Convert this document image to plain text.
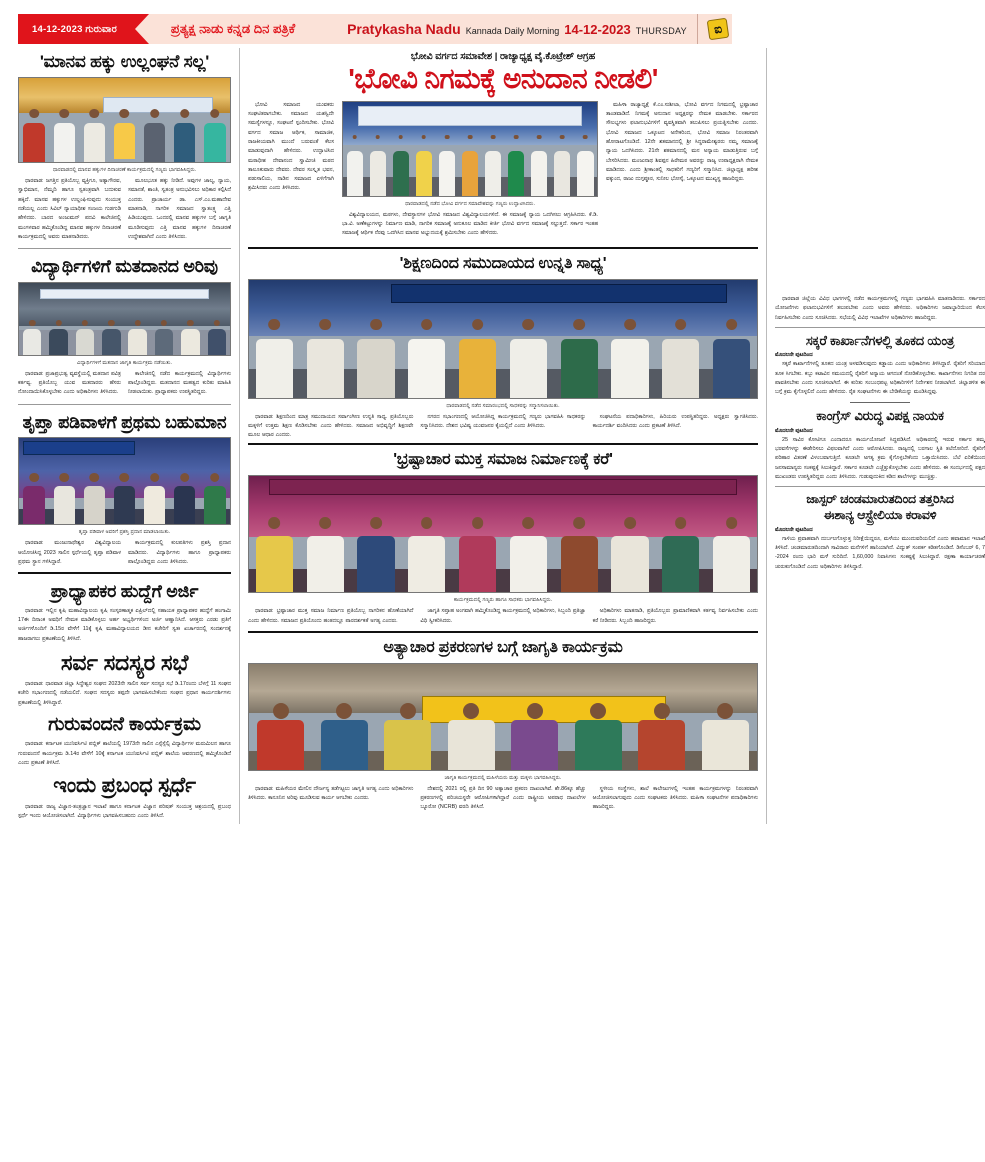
14-12-2023 ಗುರುವಾರ	ಪ್ರತ್ಯಕ್ಷ ನಾಡು ಕನ್ನಡ ದಿನ ಪತ್ರಿಕೆ	Pratykasha Nadu Kannada Daily Morning 14-12-2023 THURSDAY	ಐ
'ಮಾನವ ಹಕ್ಕು ಉಲ್ಲಂಘನೆ ಸಲ್ಲ'
ಧಾರವಾಡದಲ್ಲಿ ಮಾನವ ಹಕ್ಕುಗಳ ದಿನಾಚರಣೆ ಕಾರ್ಯಕ್ರಮದಲ್ಲಿ ಗಣ್ಯರು ಭಾಗವಹಿಸಿದ್ದರು.

ಧಾರವಾಡ: ಜಗತ್ತಿನ ಪ್ರತಿಯೊಬ್ಬ ವ್ಯಕ್ತಿಗೂ, ಅತ್ಯಾಗೌರವ, ಸ್ವಾಭಿಮಾನ, ನೆಮ್ಮದಿ ಹಾಗೂ ಸ್ವತಂತ್ರವಾಗಿ ಬದುಕುವ ಹಕ್ಕಿದೆ. ಮಾನವ ಹಕ್ಕುಗಳ ಉಲ್ಲಂಘಿಸುವುದು ಸಂಯುಕ್ತ ನಡೆಯಲ್ಲ ಎಂದು ಸಿವಿಲ್ ನ್ಯಾಯಾಧೀಶ ಸಂಜಯ ಗುಡಗುಡಿ ಹೇಳಿದರು. ಬಾರದ ಅಂಜುಮನ್ ಪದವಿ ಕಾಲೇಜಿನಲ್ಲಿ ಮಂಗಳವಾರ ಹಮ್ಮಿಕೊಂಡಿದ್ದ ಮಾನವ ಹಕ್ಕುಗಳ ದಿನಾಚರಣೆ ಕಾರ್ಯಕ್ರಮದಲ್ಲಿ ಅವರು ಮಾತನಾಡಿದರು.

ಮೂಲಭೂತ ಹಕ್ಕು ನೀಡಿದೆ. ಅವುಗಳ ಜಾಲ್ಯ, ನ್ಯಾಯ, ಸಮಾನತೆ, ಶಾಂತಿ, ಸ್ವತಂತ್ರ ಅನುಭವಿಸಲು ಅಧಿಕಾರ ಕಲ್ಪಿಸಿದೆ ಎಂದರು. ಪ್ರಾಚಾರ್ಯ ಡಾ. ಎಸ್.ಎಂ.ಮಹಾದೇವ ಮಾತನಾಡಿ, ನಾಗರಿಕ ಸಮಾಜದ ಸ್ವಾತಂತ್ರ್ಯ ಎತ್ತಿ ಹಿಡಿಯುವುದು. ಒಂದರಲ್ಲಿ ಮಾನವ ಹಕ್ಕುಗಳ ಬಗ್ಗೆ ಜಾಗೃತಿ ಮೂಡಿಸುವುದು ಎತ್ತಿ ಮಾನವ ಹಕ್ಕುಗಳ ದಿನಾಚರಣೆ ಉದ್ದೇಶವಾಗಿದೆ ಎಂದು ತಿಳಿಸಿದರು.

ವಿದ್ಯಾರ್ಥಿಗಳಿಗೆ ಮತದಾನದ ಅರಿವು
ವಿದ್ಯಾರ್ಥಿಗಳಿಗೆ ಮತದಾನ ಜಾಗೃತಿ ಕಾರ್ಯಕ್ರಮ ನಡೆಯಿತು.

ಧಾರವಾಡ: ಪ್ರಜಾಪ್ರಭುತ್ವ ವ್ಯವಸ್ಥೆಯಲ್ಲಿ ಮತದಾನ ಪವಿತ್ರ ಕರ್ತವ್ಯ. ಪ್ರತಿಯೊಬ್ಬ ಯುವ ಮತದಾರರು ಹೆಸರು ನೋಂದಾಯಿಸಿಕೊಳ್ಳಬೇಕು ಎಂದು ಅಧಿಕಾರಿಗಳು ತಿಳಿಸಿದರು.

ಕಾಲೇಜಿನಲ್ಲಿ ನಡೆದ ಕಾರ್ಯಕ್ರಮದಲ್ಲಿ ವಿದ್ಯಾರ್ಥಿಗಳು ಪಾಲ್ಗೊಂಡಿದ್ದರು. ಮತದಾನದ ಮಹತ್ವದ ಕುರಿತು ಮಾಹಿತಿ ನೀಡಲಾಯಿತು. ಪ್ರಾಧ್ಯಾಪಕರು ಉಪಸ್ಥಿತರಿದ್ದರು.

ತೃಪ್ತಾ ಪಡಿವಾಳಗೆ ಪ್ರಥಮ ಬಹುಮಾನ
ತೃಪ್ತಾ ಪಡಿವಾಳ ಅವರಿಗೆ ಪ್ರಶಸ್ತಿ ಪ್ರದಾನ ಮಾಡಲಾಯಿತು.

ಧಾರವಾಡ: ಮಂಜುನಾಥೇಶ್ವರ ವಿಶ್ವವಿದ್ಯಾಲಯ ಆಯೋಜಿಸಿದ್ದ 2023 ಸಾಲಿನ ಸ್ಪರ್ಧೆಯಲ್ಲಿ ತೃಪ್ತಾ ಪಡಿವಾಳ ಪ್ರಥಮ ಸ್ಥಾನ ಗಳಿಸಿದ್ದಾರೆ.

ಕಾರ್ಯಕ್ರಮದಲ್ಲಿ ಕುಲಪತಿಗಳು ಪ್ರಶಸ್ತಿ ಪ್ರದಾನ ಮಾಡಿದರು. ವಿದ್ಯಾರ್ಥಿಗಳು ಹಾಗೂ ಪ್ರಾಧ್ಯಾಪಕರು ಪಾಲ್ಗೊಂಡಿದ್ದರು ಎಂದು ತಿಳಿಸಿದರು.

ಪ್ರಾಧ್ಯಾಪಕರ ಹುದ್ದೆಗೆ ಅರ್ಜಿ

ಧಾರವಾಡ: ಇಲ್ಲಿನ ಕೃಷಿ ಮಹಾವಿದ್ಯಾಲಯ ಕೃಷಿ ಸಂಸ್ಕರಣಾತ್ಮಕ ಏಪ್ರಿಲ್‌ದಲ್ಲಿ ಸಹಾಯಕ ಪ್ರಾಧ್ಯಾಪಕರ ಹುದ್ದೆಗೆ ಹಂಗಾಮಿ 17ಈ ದಿನಾಂಕ ಅವಧಿಗೆ ನೇಮಕ ಮಾಡಿಕೊಳ್ಳಲು ಅರ್ಹ ಅಭ್ಯರ್ಥಿಗಳಿಂದ ಅರ್ಜಿ ಆಹ್ವಾನಿಸಿದೆ. ಆಸಕ್ತರು ಎರಡು ಪ್ರತಿಗೆ ಅರ್ಜಿಗಳೊಂದಿಗೆ ಡಿ.15ರ ವೇಳೆಗೆ 11ಕ್ಕೆ ಕೃಷಿ ಮಹಾವಿದ್ಯಾಲಯದ ಡೀನ ಕಚೇರಿಗೆ ಸ್ವತಃ ಖರ್ಚಾರದಲ್ಲಿ ಸಂದರ್ಶನಕ್ಕೆ ಹಾಜರಾಗಲು ಪ್ರಕಟಣೆಯಲ್ಲಿ ತಿಳಿಸಿದೆ.

ಸರ್ವ ಸದಸ್ಯರ ಸಭೆ

ಧಾರವಾಡ: ಧಾರವಾಡ ಜಿಲ್ಲಾ ಸಿದ್ಧೇಶ್ವರ ಸಂಘದ 2023ನೇ ಸಾಲಿನ ಸರ್ವ ಸದಸ್ಯರ ಸಭೆ ಡಿ.17ರಂದು ಬೆಳಗ್ಗೆ 11 ಸಂಘದ ಕಚೇರಿ ಸಭಾಂಗಣದಲ್ಲಿ ನಡೆಯಲಿದೆ. ಸಂಘದ ಸದಸ್ಯರು ತಪ್ಪದೇ ಭಾಗವಹಿಸಬೇಕೆಂದು ಸಂಘದ ಪ್ರಧಾನ ಕಾರ್ಯದರ್ಶಿಗಳು ಪ್ರಕಟಣೆಯಲ್ಲಿ ತಿಳಿಸಿದ್ದಾರೆ.

ಗುರುವಂದನೆ ಕಾರ್ಯಕ್ರಮ

ಧಾರವಾಡ: ಕರ್ನಾಟಕ ಯುನಿವರ್ಸಿಟಿ ಪಬ್ಲಿಕ್ ಶಾಲೆಯಲ್ಲಿ 1973ನೇ ಸಾಲಿನ ಎಸ್ಸೆಸ್ಸೆಲ್ಸಿ ವಿದ್ಯಾರ್ಥಿಗಳ ಮರುಮಿಲನ ಹಾಗೂ ಗುರುವಂದನೆ ಕಾರ್ಯಕ್ರಮ ಡಿ.14ರ ವೇಳೆಗೆ 10ಕ್ಕೆ ಕರ್ನಾಟಕ ಯುನಿವರ್ಸಿಟಿ ಪಬ್ಲಿಕ್ ಶಾಲೆಯ ಆವರಣದಲ್ಲಿ ಹಮ್ಮಿಕೊಂಡಿದೆ ಎಂದು ಪ್ರಕಟಣೆ ತಿಳಿಸಿದೆ.

ಇಂದು ಪ್ರಬಂಧ ಸ್ಪರ್ಧೆ

ಧಾರವಾಡ: ರಾಜ್ಯ ವಿಜ್ಞಾನ-ತಂತ್ರಜ್ಞಾನ ಇಲಾಖೆ ಹಾಗೂ ಕರ್ನಾಟಕ ವಿಜ್ಞಾನ ಪರಿಷತ್ ಸಂಯುಕ್ತ ಆಶ್ರಯದಲ್ಲಿ ಪ್ರಬಂಧ ಸ್ಪರ್ಧೆ ಇಂದು ಆಯೋಜಿಸಲಾಗಿದೆ. ವಿದ್ಯಾರ್ಥಿಗಳು ಭಾಗವಹಿಸಬಹುದು ಎಂದು ತಿಳಿಸಿದೆ.

ಭೋವಿ ವರ್ಗದ ಸಮಾವೇಶ | ರಾಜ್ಯಾಧ್ಯಕ್ಷ ವೈ.ಕೊಟ್ರೇಶ್ ಆಗ್ರಹ
'ಭೋವಿ ನಿಗಮಕ್ಕೆ ಅನುದಾನ ನೀಡಲಿ'

ಭೋವಿ ಸಮಾಜದ ಯುವಕರು ಸಂಘಟಿತರಾಗಬೇಕು. ಸಮಾಜದ ಯಶಸ್ವಿದೇ ಸಮಸ್ಯೆಗಳನ್ನೂ, ಸಂಘಟನೆ ಸ್ಪಂದಿಸಬೇಕು. ಭೋವಿ ವರ್ಗದ ಸಮಾಜ ಆರ್ಥಿಕ, ಸಾಮಾಜಿಕ, ರಾಜಕೀಯವಾಗಿ ಮುಂದೆ ಬರುವಂತೆ ಕೆಲಸ ಮಾಡುವುದಾಗಿ ಹೇಳಿದರು. ಉದ್ಘಾಟಿಸಿದ ಮಠಾಧೀಶ ದೇವಾನಂದ ಸ್ವಾಮೀಜಿ ಮಠದ ತಾಲೂಕುವಾರು ದೇವರು. ದೇವರ ಸಂಸ್ಕೃತ ಭವನ, ಪಡುಸಾಲಿಯ, ನಾಡಿನ ಸಮಾಜದ ಏಳಿಗೆಗಾಗಿ ಶ್ರಮಿಸಿದರು ಎಂದು ತಿಳಿಸಿದರು.

ಧಾರವಾಡದಲ್ಲಿ ನಡೆದ ಭೋವಿ ವರ್ಗದ ಸಮಾವೇಶವನ್ನು ಗಣ್ಯರು ಉದ್ಘಾಟಿಸಿದರು.

ವಿಶ್ವವಿದ್ಯಾಲಯದ, ಮಠಗಳು, ದೇವಸ್ಥಾನಗಳ ಭೋವಿ ಸಮಾಜದ ವಿಶ್ವವಿದ್ಯಾಲಯಗಳಿದೆ. ಈ ಸಮಾಜಕ್ಕೆ ನ್ಯಾಯ ಒದಗಿಸಲು ಆಗ್ರಹಿಸಿದರು. ಕೆ.ಡಿ. ಭಾ.ವಿ. ಅಣೆಕಟ್ಟುಗಳನ್ನು ನಿರ್ಮಾಣ ಮಾಡಿ, ನಾಗರಿಕ ಸಮಾಜಕ್ಕೆ ಅನುಕೂಲ ಮಾಡಿದ ಕೀರ್ತಿ ಭೋವಿ ವರ್ಗದ ಸಮಾಜಕ್ಕೆ ಸಲ್ಲುತ್ತದೆ. ಸರ್ಕಾರ ಇಂತಹ ಸಮಾಜಕ್ಕೆ ಆರ್ಥಿಕ ನೆರವು ಒದಗಿಸಿದ ಮಾನವ ಅಭ್ಯುದಯಕ್ಕೆ ಶ್ರಮಿಸಬೇಕು ಎಂದು ಹೇಳಿದರು.

ಮಹಿಳಾ ರಾಜ್ಯಾಧ್ಯಕ್ಷೆ ಕೆ.ಎಂ.ಸುಶೀಲಾ, ಭೋವಿ ವರ್ಗದ ನಿಗಮದಲ್ಲಿ ಭ್ರಷ್ಟಾಚಾರ ತಾಂಡವಾಡಿದೆ. ನಿಗಮಕ್ಕೆ ಅನುದಾನ ಅಧ್ಯಕ್ಷರನ್ನು ನೇಮಕ ಮಾಡಬೇಕು. ಸರ್ಕಾರದ ಸೌಲಭ್ಯಗಳು ಫಲಾನುಭವಿಗಳಿಗೆ ವ್ಯವಸ್ಥಿತವಾಗಿ ತಲುಪಿಸಲು ಪ್ರಯತ್ನಿಸಬೇಕು ಎಂದರು. ಭೋವಿ ಸಮಾಜದ ಒಕ್ಕೂಟದ ಅನೇಕರಿಂದ, ಭೋವಿ ಸಮಾಜ ನಿರಂತರವಾಗಿ ಹೋರಾಟಗೊಂಡಿದೆ. 12ನೇ ಶತಮಾನದಲ್ಲಿ ಶ್ರೀ ಸಿದ್ಧರಾಮೇಶ್ವರರು ನಮ್ಮ ಸಮಾಜಕ್ಕೆ ನ್ಯಾಯ ಒದಗಿಸಿದರು. 21ನೇ ಶತಮಾನದಲ್ಲಿ ಮನ ಅನ್ಯಾಯ ಮಾಡುತ್ತಿರುವ ಬಗ್ಗೆ ಬೇಸರಿಸಿದರು. ಮಂಜುನಾಥ ಶಿವಪ್ಪನ ಹಿರೇಮಠ ಅವರನ್ನು ರಾಜ್ಯ ಉಪಾಧ್ಯಕ್ಷರಾಗಿ ನೇಮಕ ಮಾಡಿದರು. ಎಂದು ಶ್ರೀಕಾಂತಲ್ಲಿ ಸಾಧಕರಿಗೆ ಗಣ್ಯರಿಗೆ ಸನ್ಮಾನಿಸಿದ. ಜಿಲ್ಲಾಧ್ಯಕ್ಷ ಹರೀಶ ವಕ್ಕುಂದ, ರಾಜು ದುಗ್ಗಪ್ಪೂರ, ಸುನೀಲ ಭೋಸ್ಕೆ, ಒಕ್ಕೂಟದ ಮುಖ್ಯಸ್ಥ ಹಾಜರಿದ್ದರು.

'ಶಿಕ್ಷಣದಿಂದ ಸಮುದಾಯದ ಉನ್ನತಿ ಸಾಧ್ಯ'
ಧಾರವಾಡದಲ್ಲಿ ನಡೆದ ಸಮಾರಂಭದಲ್ಲಿ ಸಾಧಕರನ್ನು ಸನ್ಮಾನಿಸಲಾಯಿತು.

ಧಾರವಾಡ: ಶಿಕ್ಷಣದಿಂದ ಮಾತ್ರ ಸಮುದಾಯದ ಸರ್ವಾಂಗೀಣ ಉನ್ನತಿ ಸಾಧ್ಯ. ಪ್ರತಿಯೊಬ್ಬರು ಮಕ್ಕಳಿಗೆ ಉತ್ತಮ ಶಿಕ್ಷಣ ಕೊಡಿಸಬೇಕು ಎಂದು ಹೇಳಿದರು. ಸಮಾಜದ ಅಭಿವೃದ್ಧಿಗೆ ಶಿಕ್ಷಣವೇ ಮೂಲ ಆಧಾರ ಎಂದರು.

ನಗರದ ಸಭಾಂಗಣದಲ್ಲಿ ಆಯೋಜಿಸಿದ್ದ ಕಾರ್ಯಕ್ರಮದಲ್ಲಿ ಗಣ್ಯರು ಭಾಗವಹಿಸಿ ಸಾಧಕರನ್ನು ಸನ್ಮಾನಿಸಿದರು. ದೇಶದ ಭವಿಷ್ಯ ಯುವಜನರ ಕೈಯಲ್ಲಿದೆ ಎಂದು ತಿಳಿಸಿದರು.

ಸಂಘಟನೆಯ ಪದಾಧಿಕಾರಿಗಳು, ಹಿರಿಯರು ಉಪಸ್ಥಿತರಿದ್ದರು. ಅಧ್ಯಕ್ಷರು ಸ್ವಾಗತಿಸಿದರು. ಕಾರ್ಯದರ್ಶಿ ವಂದಿಸಿದರು ಎಂದು ಪ್ರಕಟಣೆ ತಿಳಿಸಿದೆ.

'ಭ್ರಷ್ಟಾಚಾರ ಮುಕ್ತ ಸಮಾಜ ನಿರ್ಮಾಣಕ್ಕೆ ಕರೆ'
ಕಾರ್ಯಕ್ರಮದಲ್ಲಿ ಗಣ್ಯರು ಹಾಗೂ ಸಾಧಕರು ಭಾಗವಹಿಸಿದ್ದರು.

ಧಾರವಾಡ: ಭ್ರಷ್ಟಾಚಾರ ಮುಕ್ತ ಸಮಾಜ ನಿರ್ಮಾಣ ಪ್ರತಿಯೊಬ್ಬ ನಾಗರಿಕನ ಹೊಣೆಯಾಗಿದೆ ಎಂದು ಹೇಳಿದರು. ಸಮಾಜದ ಪ್ರತಿಯೊಂದು ಹಂತದಲ್ಲೂ ಪಾರದರ್ಶಕತೆ ಅಗತ್ಯ ಎಂದರು.

ಜಾಗೃತಿ ಸಪ್ತಾಹ ಅಂಗವಾಗಿ ಹಮ್ಮಿಕೊಂಡಿದ್ದ ಕಾರ್ಯಕ್ರಮದಲ್ಲಿ ಅಧಿಕಾರಿಗಳು, ಸಿಬ್ಬಂದಿ ಪ್ರತಿಜ್ಞಾ ವಿಧಿ ಸ್ವೀಕರಿಸಿದರು.

ಅಧಿಕಾರಿಗಳು ಮಾತನಾಡಿ, ಪ್ರತಿಯೊಬ್ಬರು ಪ್ರಾಮಾಣಿಕವಾಗಿ ಕರ್ತವ್ಯ ನಿರ್ವಹಿಸಬೇಕು ಎಂದು ಕರೆ ನೀಡಿದರು. ಸಿಬ್ಬಂದಿ ಹಾಜರಿದ್ದರು.

ಅತ್ಯಾಚಾರ ಪ್ರಕರಣಗಳ ಬಗ್ಗೆ ಜಾಗೃತಿ ಕಾರ್ಯಕ್ರಮ
ಜಾಗೃತಿ ಕಾರ್ಯಕ್ರಮದಲ್ಲಿ ಮಹಿಳೆಯರು ಮತ್ತು ಮಕ್ಕಳು ಭಾಗವಹಿಸಿದ್ದರು.

ಧಾರವಾಡ: ಮಹಿಳೆಯರ ಮೇಲಿನ ದೌರ್ಜನ್ಯ ತಡೆಗಟ್ಟಲು ಜಾಗೃತಿ ಅಗತ್ಯ ಎಂದು ಅಧಿಕಾರಿಗಳು ತಿಳಿಸಿದರು. ಕಾನೂನಿನ ಅರಿವು ಮೂಡಿಸುವ ಕಾರ್ಯ ಆಗಬೇಕು ಎಂದರು.

ದೇಶದಲ್ಲಿ 2021 ರಲ್ಲಿ ಪ್ರತಿ ದಿನ 90 ಅತ್ಯಾಚಾರ ಪ್ರಕರಣ ದಾಖಲಾಗಿವೆ. ಶೇ.86ಕ್ಕೂ ಹೆಚ್ಚು ಪ್ರಕರಣಗಳಲ್ಲಿ ಪರಿಚಯಸ್ಥರೇ ಆರೋಪಿಗಳಾಗಿದ್ದಾರೆ ಎಂದು ರಾಷ್ಟ್ರೀಯ ಅಪರಾಧ ದಾಖಲೆಗಳ ಬ್ಯೂರೋ (NCRB) ವರದಿ ತಿಳಿಸಿದೆ.

ಸ್ಥಳೀಯ ಸಂಸ್ಥೆಗಳು, ಶಾಲೆ ಕಾಲೇಜುಗಳಲ್ಲಿ ಇಂತಹ ಕಾರ್ಯಕ್ರಮಗಳನ್ನು ನಿರಂತರವಾಗಿ ಆಯೋಜಿಸಲಾಗುವುದು ಎಂದು ಸಂಘಟಕರು ತಿಳಿಸಿದರು. ಮಹಿಳಾ ಸಂಘಟನೆಗಳ ಪದಾಧಿಕಾರಿಗಳು ಹಾಜರಿದ್ದರು.

ಧಾರವಾಡ ಜಿಲ್ಲೆಯ ವಿವಿಧ ಭಾಗಗಳಲ್ಲಿ ನಡೆದ ಕಾರ್ಯಕ್ರಮಗಳಲ್ಲಿ ಗಣ್ಯರು ಭಾಗವಹಿಸಿ ಮಾತನಾಡಿದರು. ಸರ್ಕಾರದ ಯೋಜನೆಗಳು ಫಲಾನುಭವಿಗಳಿಗೆ ತಲುಪಬೇಕು ಎಂದು ಅವರು ಹೇಳಿದರು. ಅಧಿಕಾರಿಗಳು ಜವಾಬ್ದಾರಿಯಿಂದ ಕೆಲಸ ನಿರ್ವಹಿಸಬೇಕು ಎಂದು ಸೂಚಿಸಿದರು. ಸಭೆಯಲ್ಲಿ ವಿವಿಧ ಇಲಾಖೆಗಳ ಅಧಿಕಾರಿಗಳು ಹಾಜರಿದ್ದರು.

ಸಕ್ಕರೆ ಕಾರ್ಖಾನೆಗಳಲ್ಲಿ ತೂಕದ ಯಂತ್ರ
ಮೊದಲನೇ ಪುಟದಿಂದ

ಸಕ್ಕರೆ ಕಾರ್ಖಾನೆಗಳಲ್ಲಿ ತೂಕದ ಯಂತ್ರ ಅಳವಡಿಸುವುದು ಕಡ್ಡಾಯ ಎಂದು ಅಧಿಕಾರಿಗಳು ತಿಳಿಸಿದ್ದಾರೆ. ರೈತರಿಗೆ ಸರಿಯಾದ ತೂಕ ಸಿಗಬೇಕು. ಕಬ್ಬು ಕಟಾವಿನ ಸಮಯದಲ್ಲಿ ರೈತರಿಗೆ ಅನ್ಯಾಯ ಆಗದಂತೆ ನೋಡಿಕೊಳ್ಳಬೇಕು. ಕಾರ್ಖಾನೆಗಳು ನಿಗದಿತ ದರ ಪಾವತಿಸಬೇಕು ಎಂದು ಸೂಚಿಸಲಾಗಿದೆ. ಈ ಕುರಿತು ಸಂಬಂಧಪಟ್ಟ ಅಧಿಕಾರಿಗಳಿಗೆ ನಿರ್ದೇಶನ ನೀಡಲಾಗಿದೆ. ಜಿಲ್ಲಾಡಳಿತ ಈ ಬಗ್ಗೆ ಕ್ರಮ ಕೈಗೊಳ್ಳಲಿದೆ ಎಂದು ಹೇಳಿದರು. ರೈತ ಸಂಘಟನೆಗಳು ಈ ಬೇಡಿಕೆಯನ್ನು ಮಂಡಿಸಿದ್ದವು.

ಕಾಂಗ್ರೆಸ್ ವಿರುದ್ಧ ವಿಪಕ್ಷ ನಾಯಕ
ಮೊದಲನೇ ಪುಟದಿಂದ

25 ಸಾವಿರ ಕೋಟಿಗೂ ಎಂದಾದರೂ ಕಾರ್ಯಯೋಜನೆ ಸಿದ್ಧಪಡಿಸಿದೆ. ಅಧಿಕಾರದಲ್ಲಿ ಇರುವ ಸರ್ಕಾರ ತಮ್ಮ ಭರವಸೆಗಳನ್ನು ಈಡೇರಿಸಲು ವಿಫಲವಾಗಿದೆ ಎಂದು ಆರೋಪಿಸಿದರು. ರಾಜ್ಯದಲ್ಲಿ ಬರಗಾಲ ಸ್ಥಿತಿ ತಲೆದೋರಿದೆ. ರೈತರಿಗೆ ಪರಿಹಾರ ವಿತರಣೆ ವಿಳಂಬವಾಗುತ್ತಿದೆ. ಕೂಡಲೇ ಅಗತ್ಯ ಕ್ರಮ ಕೈಗೊಳ್ಳಬೇಕೆಂದು ಒತ್ತಾಯಿಸಿದರು. ಬೆಲೆ ಏರಿಕೆಯಿಂದ ಜನಸಾಮಾನ್ಯರು ಸಂಕಷ್ಟಕ್ಕೆ ಸಿಲುಕಿದ್ದಾರೆ. ಸರ್ಕಾರ ಕೂಡಲೇ ಎಚ್ಚೆತ್ತುಕೊಳ್ಳಬೇಕು ಎಂದು ಹೇಳಿದರು. ಈ ಸಂದರ್ಭದಲ್ಲಿ ಪಕ್ಷದ ಮುಖಂಡರು ಉಪಸ್ಥಿತರಿದ್ದರು ಎಂದು ತಿಳಿಸಿದರು. ಗುಡುವುದುಕಿದ ಕಡಿದ ಶಾಲೆಗಳನ್ನು ಮುಚ್ಚಿತ್ತು.

ಜಾಸ್ಪರ್ ಚಂಡಮಾರುತದಿಂದ ತತ್ತರಿಸಿದ
ಈಶಾನ್ಯ ಆಸ್ಟ್ರೇಲಿಯಾ ಕರಾವಳಿ
ಮೊದಲನೇ ಪುಟದಿಂದ

ಗಾಳಿಯ ಪ್ರವಾಹವಾಗಿ ದುರ್ಬಲಗೊಳ್ಳುತ್ತ ನಿರೀಕ್ಷೆಯಿದ್ದರೂ, ಮಳೆಯು ಮುಂದುವರಿಯಲಿದೆ ಎಂದು ಹವಾಮಾನ ಇಲಾಖೆ ತಿಳಿಸಿದೆ. ಚಂಡಮಾರುತದಿಂದಾಗಿ ಸಾವಿರಾರು ಮನೆಗಳಿಗೆ ಹಾನಿಯಾಗಿದೆ. ವಿದ್ಯುತ್ ಸಂಪರ್ಕ ಕಡಿತಗೊಂಡಿದೆ. ಡಿಸೆಂಬರ್ 6, 7 -2024 ರಂದು ಭಾರಿ ಮಳೆ ಸುರಿದಿದೆ. 1,60,000 ನಿವಾಸಿಗಳು ಸಂಕಷ್ಟಕ್ಕೆ ಸಿಲುಕಿದ್ದಾರೆ. ರಕ್ಷಣಾ ಕಾರ್ಯಾಚರಣೆ ಚುರುಕುಗೊಂಡಿದೆ ಎಂದು ಅಧಿಕಾರಿಗಳು ತಿಳಿಸಿದ್ದಾರೆ.
